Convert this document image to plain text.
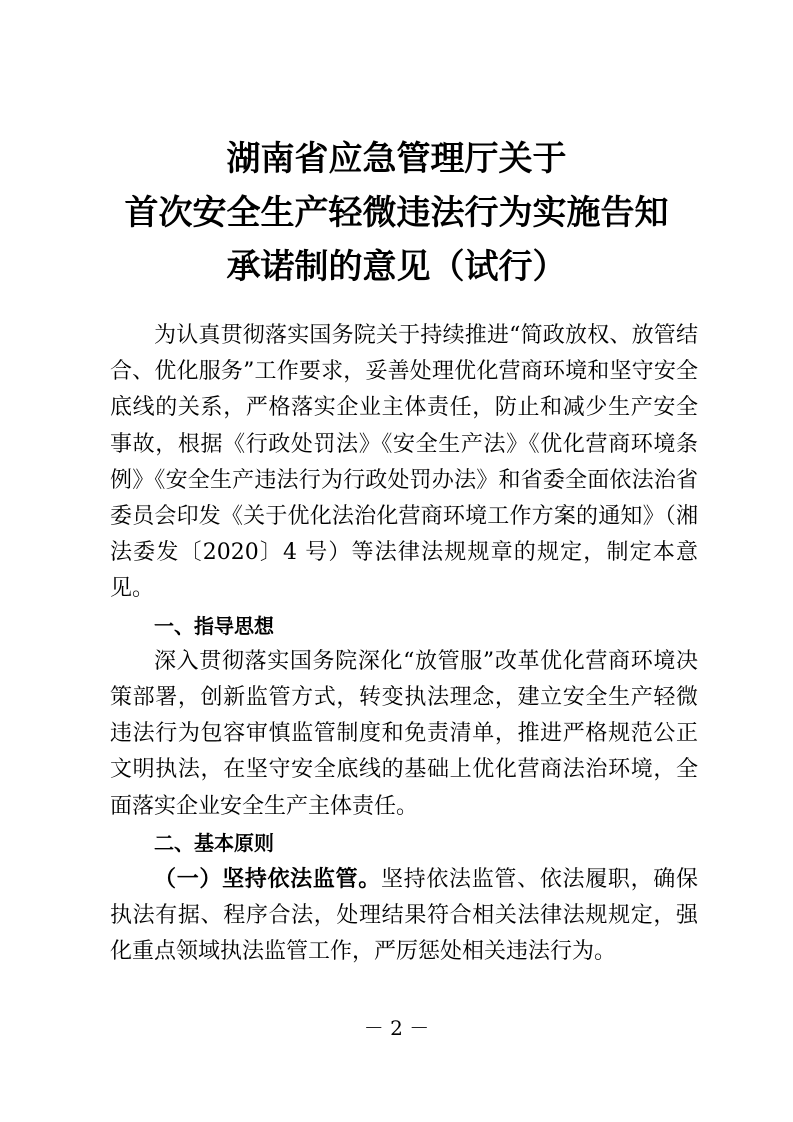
湖南省应急管理厅关于
首次安全生产轻微违法行为实施告知
承诺制的意见（试行）

为认真贯彻落实国务院关于持续推进“简政放权、放管结合、优化服务”工作要求，妥善处理优化营商环境和坚守安全底线的关系，严格落实企业主体责任，防止和减少生产安全事故，根据《行政处罚法》《安全生产法》《优化营商环境条例》《安全生产违法行为行政处罚办法》和省委全面依法治省委员会印发《关于优化法治化营商环境工作方案的通知》（湘法委发〔2020〕4 号）等法律法规规章的规定，制定本意见。

一、指导思想

深入贯彻落实国务院深化“放管服”改革优化营商环境决策部署，创新监管方式，转变执法理念，建立安全生产轻微违法行为包容审慎监管制度和免责清单，推进严格规范公正文明执法，在坚守安全底线的基础上优化营商法治环境，全面落实企业安全生产主体责任。

二、基本原则

（一）坚持依法监管。坚持依法监管、依法履职，确保执法有据、程序合法，处理结果符合相关法律法规规定，强化重点领域执法监管工作，严厉惩处相关违法行为。

－ 2 －
